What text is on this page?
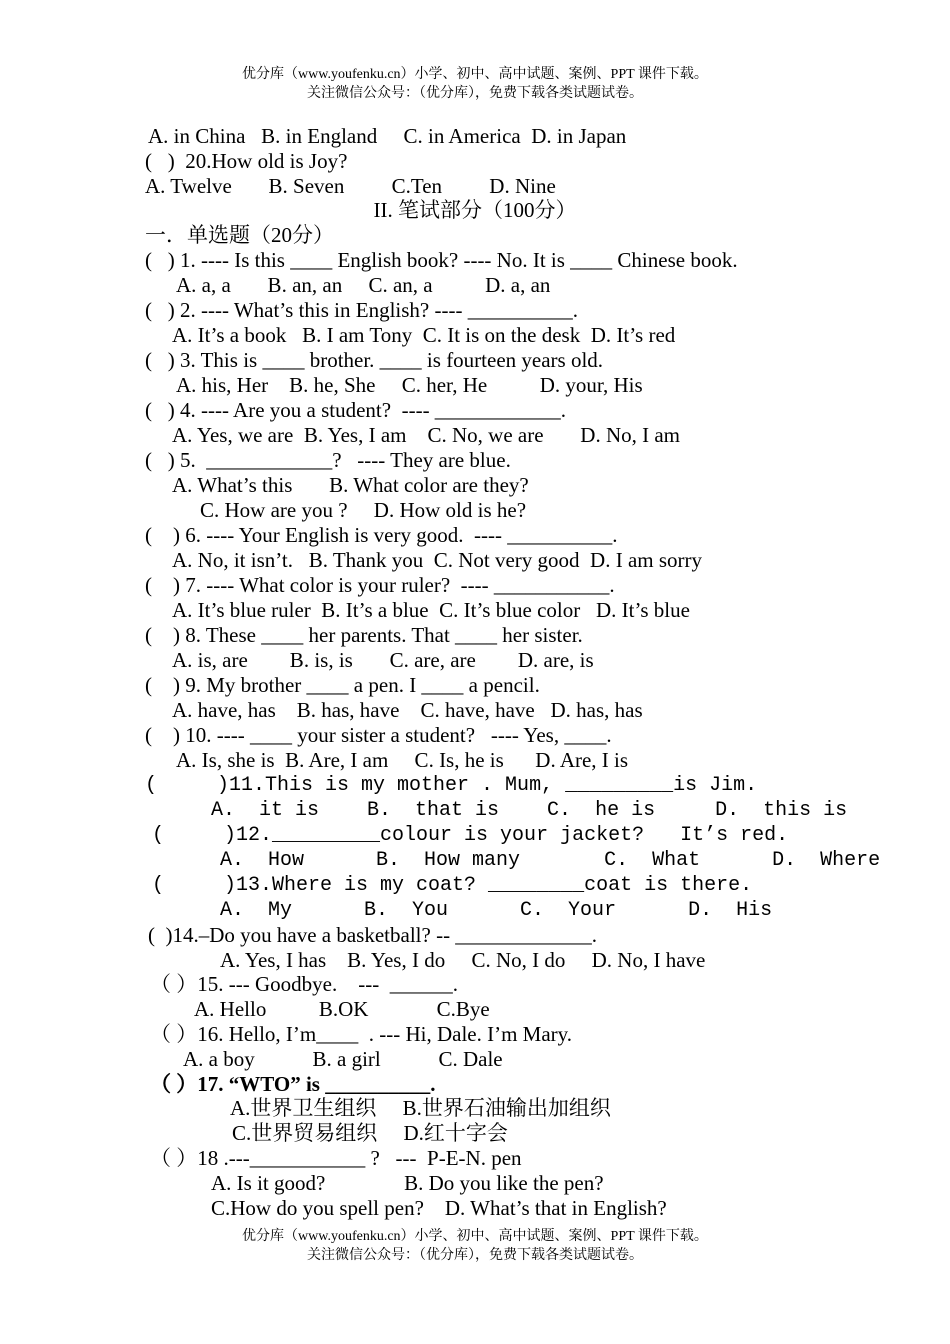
优分库（www.youfenku.cn）小学、初中、高中试题、案例、PPT 课件下载。
关注微信公众号：（优分库），免费下载各类试题试卷。
A. in China   B. in England     C. in America  D. in Japan
(   )  20.How old is Joy?
A. Twelve       B. Seven         C.Ten         D. Nine
II. 笔试部分（100分）
一．单选题（20分）
(   ) 1. ---- Is this ____ English book? ---- No. It is ____ Chinese book.
A. a, a       B. an, an     C. an, a          D. a, an
(   ) 2. ---- What’s this in English? ---- __________.
A. It’s a book   B. I am Tony  C. It is on the desk  D. It’s red
(   ) 3. This is ____ brother. ____ is fourteen years old.
A. his, Her    B. he, She     C. her, He          D. your, His
(   ) 4. ---- Are you a student?  ---- ____________.
A. Yes, we are  B. Yes, I am    C. No, we are       D. No, I am
(   ) 5.  ____________?   ---- They are blue.
A. What’s this       B. What color are they?
C. How are you ?     D. How old is he?
(    ) 6. ---- Your English is very good.  ---- __________.
A. No, it isn’t.   B. Thank you  C. Not very good  D. I am sorry
(    ) 7. ---- What color is your ruler?  ---- ___________.
A. It’s blue ruler  B. It’s a blue  C. It’s blue color   D. It’s blue
(    ) 8. These ____ her parents. That ____ her sister.
A. is, are        B. is, is       C. are, are        D. are, is
(    ) 9. My brother ____ a pen. I ____ a pencil.
A. have, has    B. has, have    C. have, have   D. has, has
(    ) 10. ---- ____ your sister a student?   ---- Yes, ____.
A. Is, she is  B. Are, I am     C. Is, he is      D. Are, I is
(     )11.This is my mother . Mum, _________is Jim.
A.  it is    B.  that is    C.  he is     D.  this is
(     )12._________colour is your jacket?   It’s red.
A.  How      B.  How many       C.  What      D.  Where
(     )13.Where is my coat? ________coat is there.
A.  My      B.  You      C.  Your      D.  His
(  )14.–Do you have a basketball? -- _____________.
A. Yes, I has    B. Yes, I do     C. No, I do     D. No, I have
（ ）15. --- Goodbye.    ---  ______.
A. Hello          B.OK             C.Bye
（ ）16. Hello, I’m____  . --- Hi, Dale. I’m Mary.
A. a boy           B. a girl           C. Dale
（ ）17. “WTO” is __________.
A.世界卫生组织     B.世界石油输出加组织
C.世界贸易组织     D.红十字会
（ ）18 .---___________ ?   ---  P-E-N. pen
A. Is it good?               B. Do you like the pen?
C.How do you spell pen?    D. What’s that in English?
优分库（www.youfenku.cn）小学、初中、高中试题、案例、PPT 课件下载。
关注微信公众号：（优分库），免费下载各类试题试卷。
